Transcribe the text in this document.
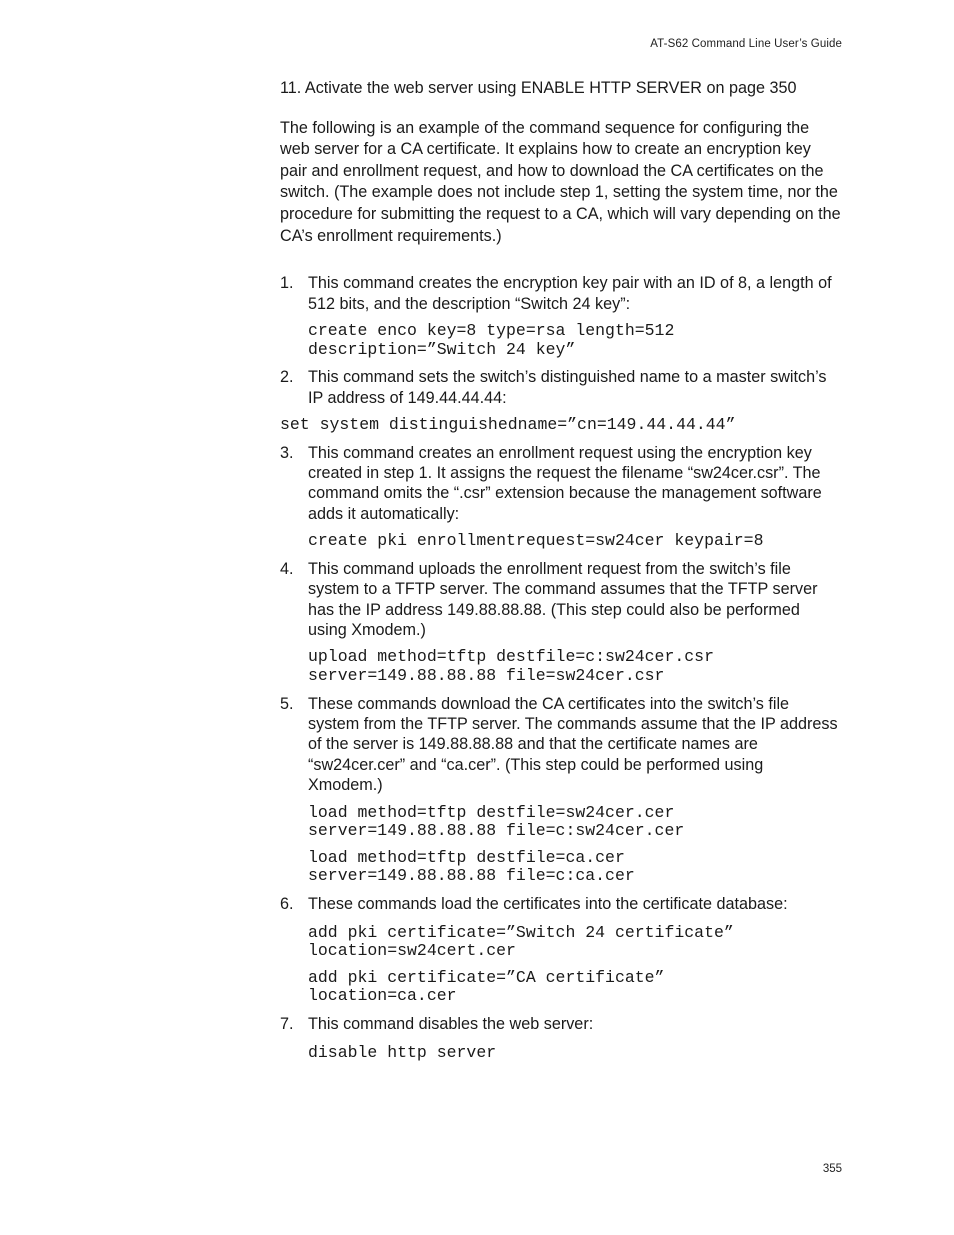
AT-S62 Command Line User’s Guide

11. Activate the web server using ENABLE HTTP SERVER on page 350

The following is an example of the command sequence for configuring the web server for a CA certificate. It explains how to create an encryption key pair and enrollment request, and how to download the CA certificates on the switch. (The example does not include step 1, setting the system time, nor the procedure for submitting the request to a CA, which will vary depending on the CA’s enrollment requirements.)

1. This command creates the encryption key pair with an ID of 8, a length of 512 bits, and the description “Switch 24 key”:
create enco key=8 type=rsa length=512
description=”Switch 24 key”
2. This command sets the switch’s distinguished name to a master switch’s IP address of 149.44.44.44:
set system distinguishedname=”cn=149.44.44.44”
3. This command creates an enrollment request using the encryption key created in step 1. It assigns the request the filename “sw24cer.csr”. The command omits the “.csr” extension because the management software adds it automatically:
create pki enrollmentrequest=sw24cer keypair=8
4. This command uploads the enrollment request from the switch’s file system to a TFTP server. The command assumes that the TFTP server has the IP address 149.88.88.88. (This step could also be performed using Xmodem.)
upload method=tftp destfile=c:sw24cer.csr
server=149.88.88.88 file=sw24cer.csr
5. These commands download the CA certificates into the switch’s file system from the TFTP server. The commands assume that the IP address of the server is 149.88.88.88 and that the certificate names are “sw24cer.cer” and “ca.cer”. (This step could be performed using Xmodem.)
load method=tftp destfile=sw24cer.cer
server=149.88.88.88 file=c:sw24cer.cer
load method=tftp destfile=ca.cer
server=149.88.88.88 file=c:ca.cer
6. These commands load the certificates into the certificate database:
add pki certificate=”Switch 24 certificate”
location=sw24cert.cer
add pki certificate=”CA certificate”
location=ca.cer
7. This command disables the web server:
disable http server
355
